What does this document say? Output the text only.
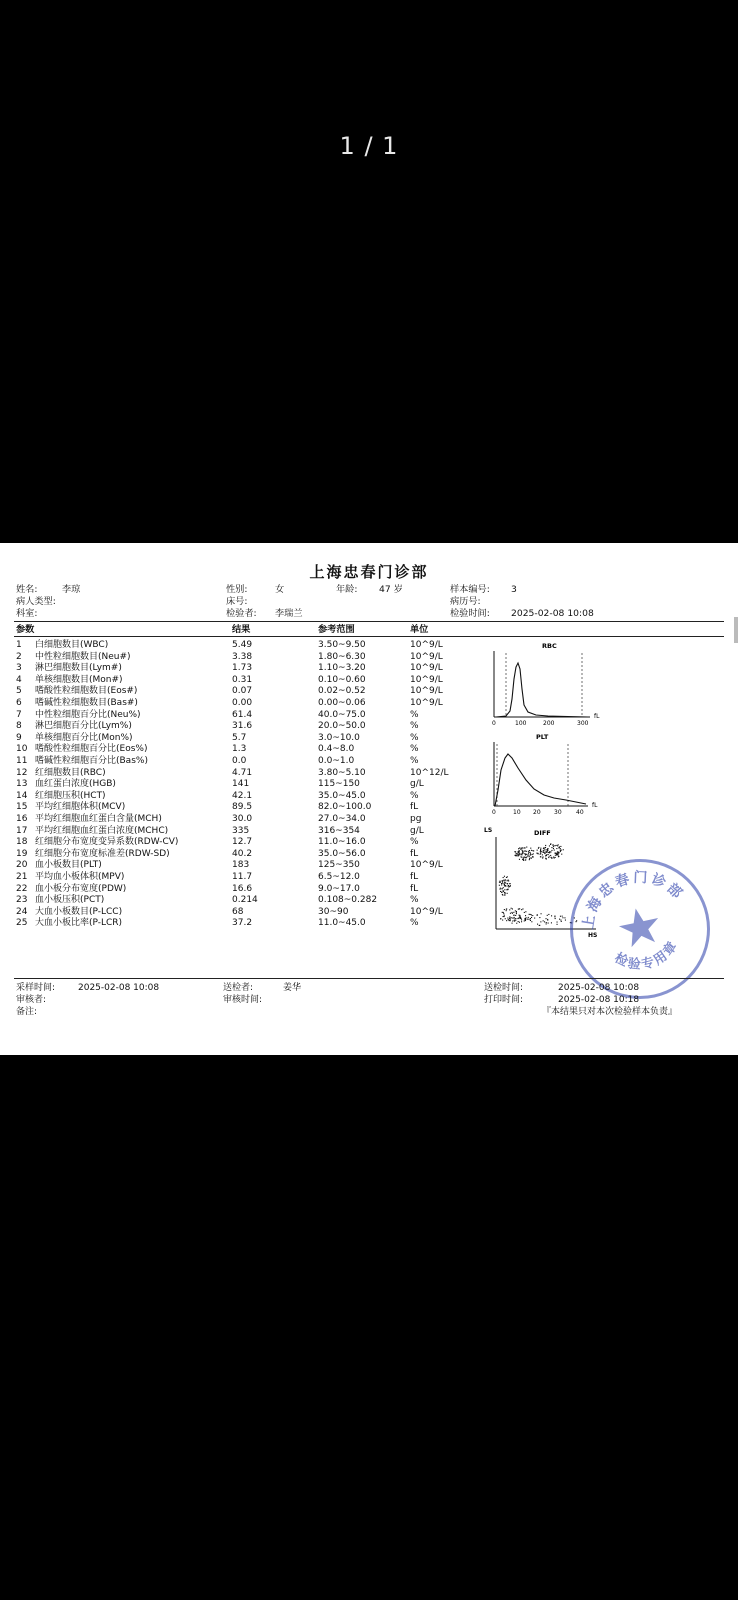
1 / 1
上海忠春门诊部
姓名:	李琼	性别:	女	年龄: 47 岁	样本编号: 3
病人类型:	床号:	病历号:
科室:	检验者: 李瑞兰	检验时间: 2025-02-08 10:08
参数	结果	参考范围	单位
1 白细胞数目(WBC)	5.49	3.50~9.50	10^9/L
2 中性粒细胞数目(Neu#)	3.38	1.80~6.30	10^9/L
3 淋巴细胞数目(Lym#)	1.73	1.10~3.20	10^9/L
4 单核细胞数目(Mon#)	0.31	0.10~0.60	10^9/L
5 嗜酸性粒细胞数目(Eos#)	0.07	0.02~0.52	10^9/L
6 嗜碱性粒细胞数目(Bas#)	0.00	0.00~0.06	10^9/L
7 中性粒细胞百分比(Neu%)	61.4	40.0~75.0	%
8 淋巴细胞百分比(Lym%)	31.6	20.0~50.0	%
9 单核细胞百分比(Mon%)	5.7	3.0~10.0	%
10 嗜酸性粒细胞百分比(Eos%)	1.3	0.4~8.0	%
11 嗜碱性粒细胞百分比(Bas%)	0.0	0.0~1.0	%
12 红细胞数目(RBC)	4.71	3.80~5.10	10^12/L
13 血红蛋白浓度(HGB)	141	115~150	g/L
14 红细胞压积(HCT)	42.1	35.0~45.0	%
15 平均红细胞体积(MCV)	89.5	82.0~100.0	fL
16 平均红细胞血红蛋白含量(MCH)	30.0	27.0~34.0	pg
17 平均红细胞血红蛋白浓度(MCHC)	335	316~354	g/L
18 红细胞分布宽度变异系数(RDW-CV)	12.7	11.0~16.0	%
19 红细胞分布宽度标准差(RDW-SD)	40.2	35.0~56.0	fL
20 血小板数目(PLT)	183	125~350	10^9/L
21 平均血小板体积(MPV)	11.7	6.5~12.0	fL
22 血小板分布宽度(PDW)	16.6	9.0~17.0	fL
23 血小板压积(PCT)	0.214	0.108~0.282	%
24 大血小板数目(P-LCC)	68	30~90	10^9/L
25 大血小板比率(P-LCR)	37.2	11.0~45.0	%
RBC
0	100	200	300
fL
PLT
0	10 20 30 40
fL
LS	DIFF
HS
上海忠春门诊部
检验专用章
采样时间:	2025-02-08 10:08	送检者:	姜华	送检时间:	2025-02-08 10:08
审核者:	审核时间:	打印时间:	2025-02-08 10:18
备注:	『本结果只对本次检验样本负责』
